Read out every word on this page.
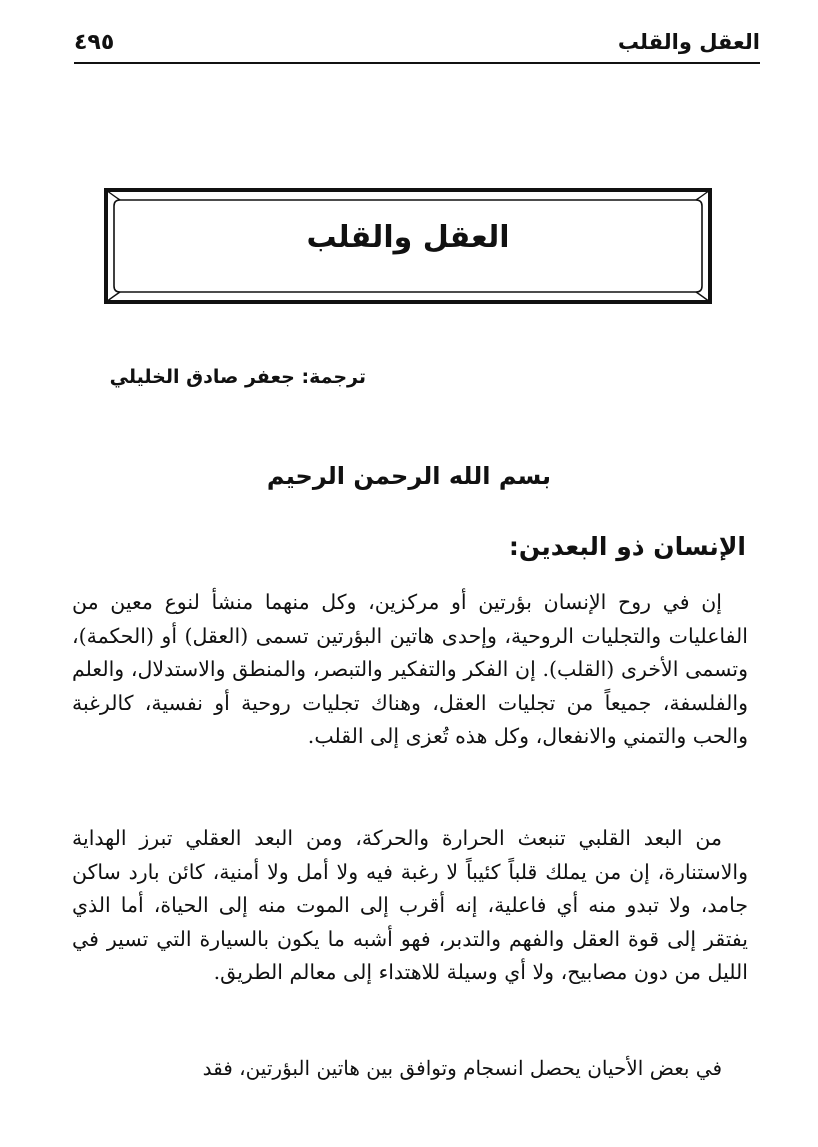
٤٩٥	العقل والقلب
العقل والقلب
ترجمة: جعفر صادق الخليلي
بسم الله الرحمن الرحيم
الإنسان ذو البعدين:

إن في روح الإنسان بؤرتين أو مركزين، وكل منهما منشأ لنوع معين من الفاعليات والتجليات الروحية، وإحدى هاتين البؤرتين تسمى (العقل) أو (الحكمة)، وتسمى الأخرى (القلب). إن الفكر والتفكير والتبصر، والمنطق والاستدلال، والعلم والفلسفة، جميعاً من تجليات العقل، وهناك تجليات روحية أو نفسية، كالرغبة والحب والتمني والانفعال، وكل هذه تُعزى إلى القلب.

من البعد القلبي تنبعث الحرارة والحركة، ومن البعد العقلي تبرز الهداية والاستنارة، إن من يملك قلباً كئيباً لا رغبة فيه ولا أمل ولا أمنية، كائن بارد ساكن جامد، ولا تبدو منه أي فاعلية، إنه أقرب إلى الموت منه إلى الحياة، أما الذي يفتقر إلى قوة العقل والفهم والتدبر، فهو أشبه ما يكون بالسيارة التي تسير في الليل من دون مصابيح، ولا أي وسيلة للاهتداء إلى معالم الطريق.

في بعض الأحيان يحصل انسجام وتوافق بين هاتين البؤرتين، فقد
